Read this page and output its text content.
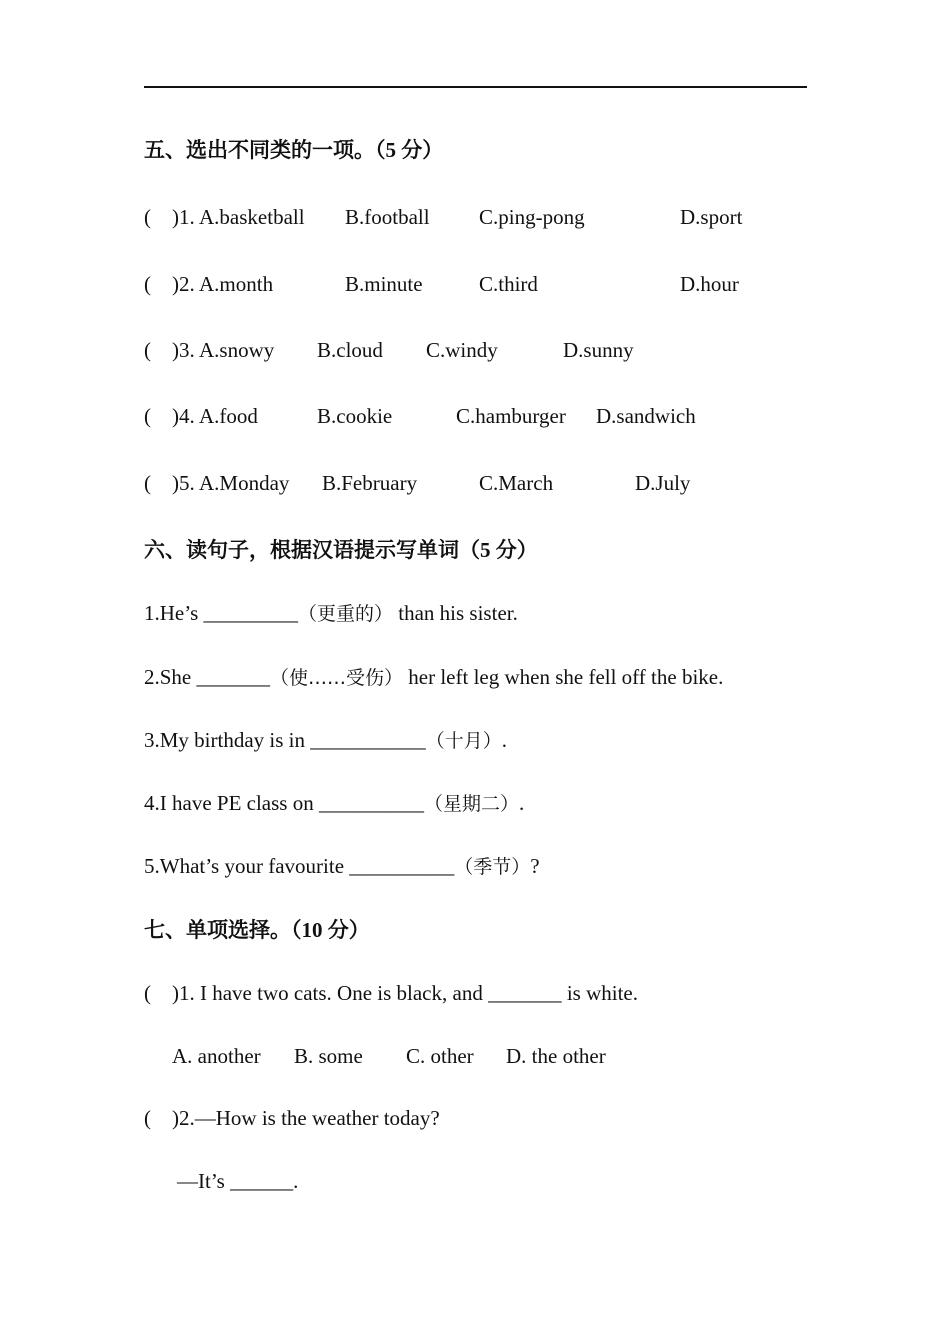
五、选出不同类的一项。（5 分）
( )1. A.basketball B.football C.ping-pong	D.sport
( )2. A.month	B.minute	C.third	D.hour
( )3. A.snowy B.cloud C.windy	D.sunny
( )4. A.food	B.cookie	C.hamburger D.sandwich
( )5. A.Monday B.February	C.March	D.July
六、读句子，根据汉语提示写单词（5 分）
1.He’s _________（更重的） than his sister.
2.She _______（使……受伤） her left leg when she fell off the bike.
3.My birthday is in ___________（十月）.
4.I have PE class on __________（星期二）.
5.What’s your favourite __________（季节）?
七、单项选择。（10 分）
( )1. I have two cats. One is black, and _______ is white.
A. another B. some C. other D. the other
( )2.—How is the weather today?
—It’s ______.
